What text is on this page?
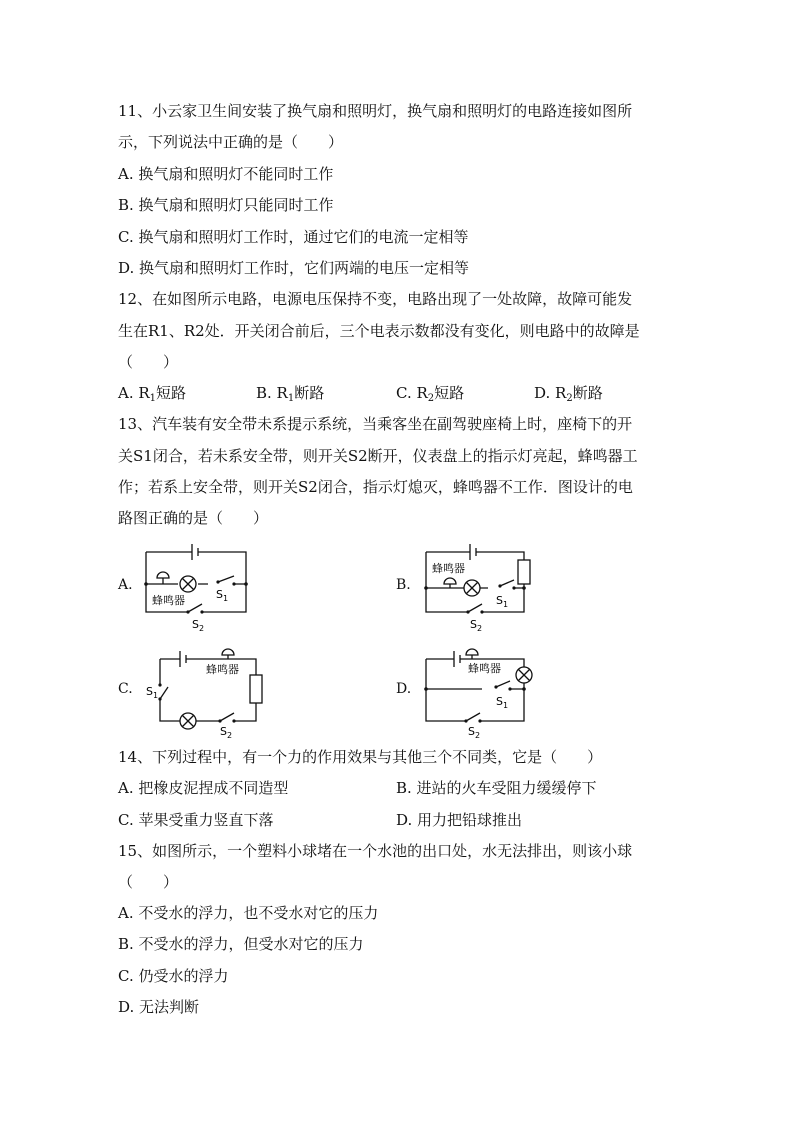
11、小云家卫生间安装了换气扇和照明灯，换气扇和照明灯的电路连接如图所
示，下列说法中正确的是（　　）
A. 换气扇和照明灯不能同时工作
B. 换气扇和照明灯只能同时工作
C. 换气扇和照明灯工作时，通过它们的电流一定相等
D. 换气扇和照明灯工作时，它们两端的电压一定相等
12、在如图所示电路，电源电压保持不变，电路出现了一处故障，故障可能发
生在R1、R2处．开关闭合前后，三个电表示数都没有变化，则电路中的故障是
（　　）
A. $R_1$短路	B. $R_1$断路	C. $R_2$短路	D. $R_2$断路
13、汽车装有安全带未系提示系统，当乘客坐在副驾驶座椅上时，座椅下的开
关S1闭合，若未系安全带，则开关S2断开，仪表盘上的指示灯亮起，蜂鸣器工
作；若系上安全带，则开关S2闭合，指示灯熄灭，蜂鸣器不工作．图设计的电
路图正确的是（　　）
A.	B.
C.	D.
蜂鸣器	$S_1$
$S_2$
蜂鸣器
$S_1$
$S_2$
蜂鸣器
$S_1$
$S_2$
蜂鸣器
$S_1$
$S_2$
14、下列过程中，有一个力的作用效果与其他三个不同类，它是（　　）
A. 把橡皮泥捏成不同造型	B. 进站的火车受阻力缓缓停下
C. 苹果受重力竖直下落	D. 用力把铅球推出
15、如图所示，一个塑料小球堵在一个水池的出口处，水无法排出，则该小球
（　　）
A. 不受水的浮力，也不受水对它的压力
B. 不受水的浮力，但受水对它的压力
C. 仍受水的浮力
D. 无法判断
